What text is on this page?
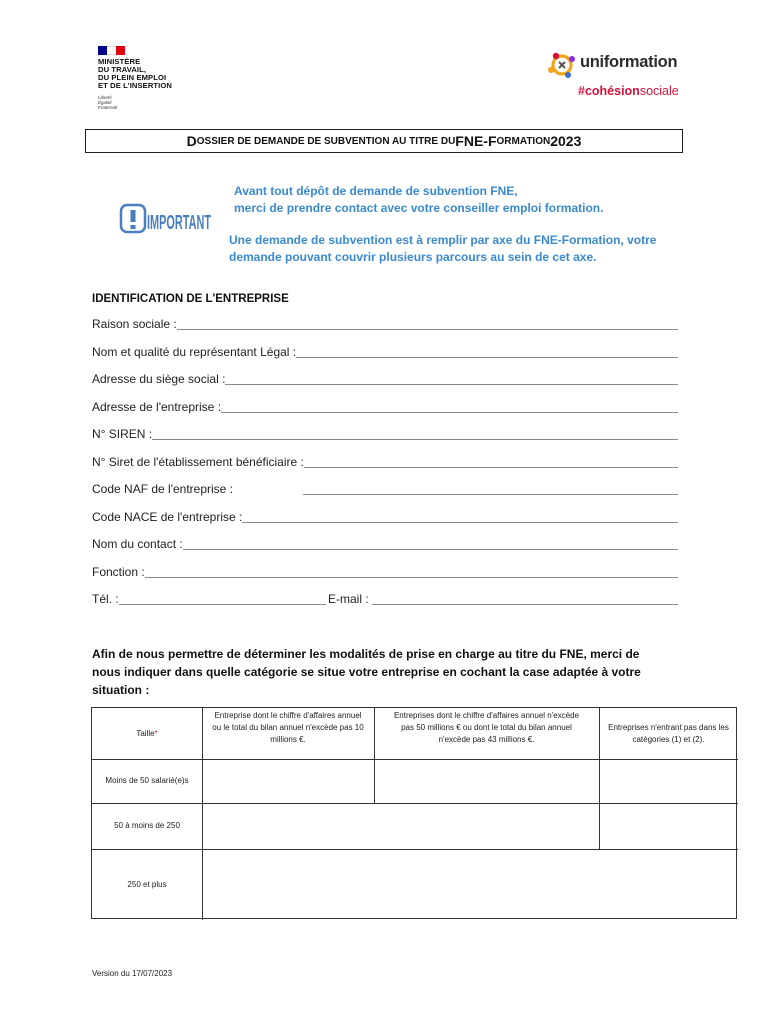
MINISTÈRE
DU TRAVAIL,
DU PLEIN EMPLOI
ET DE L'INSERTION
Liberté
Égalité
Fraternité
uniformation
#cohésionsociale
D OSSIER DE DEMANDE DE SUBVENTION AU TITRE DU FNE-F ORMATION 2023
IMPORTANT
Avant tout dépôt de demande de subvention FNE,
merci de prendre contact avec votre conseiller emploi formation.
Une demande de subvention est à remplir par axe du FNE-Formation, votre
demande pouvant couvrir plusieurs parcours au sein de cet axe.
IDENTIFICATION DE L'ENTREPRISE
Raison sociale :
Nom et qualité du représentant Légal :
Adresse du siège social :
Adresse de l'entreprise :
N° SIREN :
N° Siret de l'établissement bénéficiaire :
Code NAF de l'entreprise :
Code NACE de l'entreprise :
Nom du contact :
Fonction :
Tél. :	E-mail :
Afin de nous permettre de déterminer les modalités de prise en charge au titre du FNE, merci de
nous indiquer dans quelle catégorie se situe votre entreprise en cochant la case adaptée à votre
situation :
Taille*
Entreprise dont le chiffre d'affaires annuel ou le total du bilan annuel n'excède pas 10 millions €.
Entreprises dont le chiffre d'affaires annuel n'excède pas 50 millions € ou dont le total du bilan annuel n'excède pas 43 millions €.
Entreprises n'entrant pas dans les catégories (1) et (2).
Moins de 50 salarié(e)s
50 à moins de 250
250 et plus
Version du 17/07/2023
